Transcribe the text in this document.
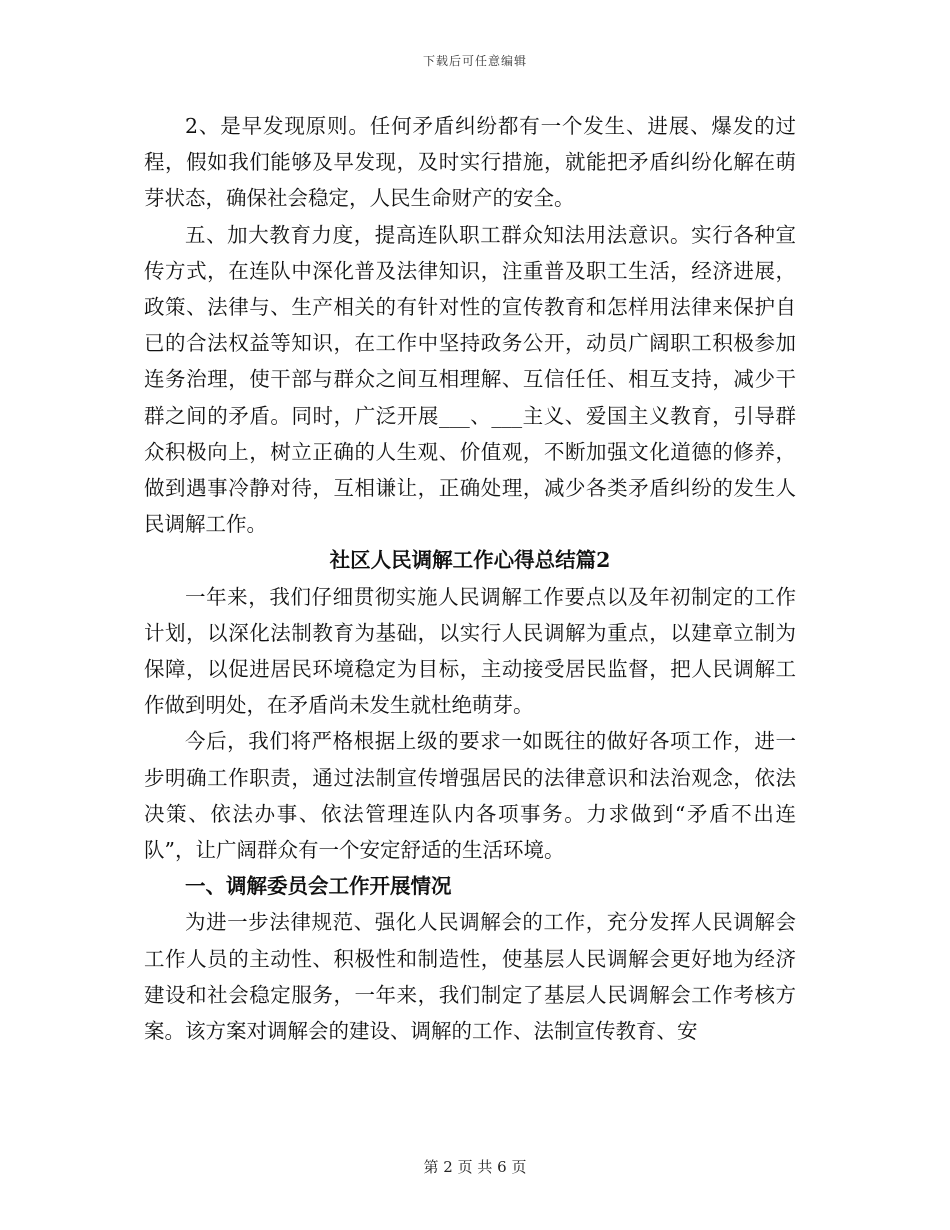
下载后可任意编辑

2、是早发现原则。任何矛盾纠纷都有一个发生、进展、爆发的过程，假如我们能够及早发现，及时实行措施，就能把矛盾纠纷化解在萌芽状态，确保社会稳定，人民生命财产的安全。

五、加大教育力度，提高连队职工群众知法用法意识。实行各种宣传方式，在连队中深化普及法律知识，注重普及职工生活，经济进展，政策、法律与、生产相关的有针对性的宣传教育和怎样用法律来保护自已的合法权益等知识，在工作中坚持政务公开，动员广阔职工积极参加连务治理，使干部与群众之间互相理解、互信任任、相互支持，减少干群之间的矛盾。同时，广泛开展___、___主义、爱国主义教育，引导群众积极向上，树立正确的人生观、价值观，不断加强文化道德的修养，做到遇事冷静对待，互相谦让，正确处理，减少各类矛盾纠纷的发生人民调解工作。

社区人民调解工作心得总结篇2

一年来，我们仔细贯彻实施人民调解工作要点以及年初制定的工作计划，以深化法制教育为基础，以实行人民调解为重点，以建章立制为保障，以促进居民环境稳定为目标，主动接受居民监督，把人民调解工作做到明处，在矛盾尚未发生就杜绝萌芽。

今后，我们将严格根据上级的要求一如既往的做好各项工作，进一步明确工作职责，通过法制宣传增强居民的法律意识和法治观念，依法决策、依法办事、依法管理连队内各项事务。力求做到“矛盾不出连队”，让广阔群众有一个安定舒适的生活环境。

一、调解委员会工作开展情况

为进一步法律规范、强化人民调解会的工作，充分发挥人民调解会工作人员的主动性、积极性和制造性，使基层人民调解会更好地为经济建设和社会稳定服务，一年来，我们制定了基层人民调解会工作考核方案。该方案对调解会的建设、调解的工作、法制宣传教育、安

第 2 页 共 6 页
